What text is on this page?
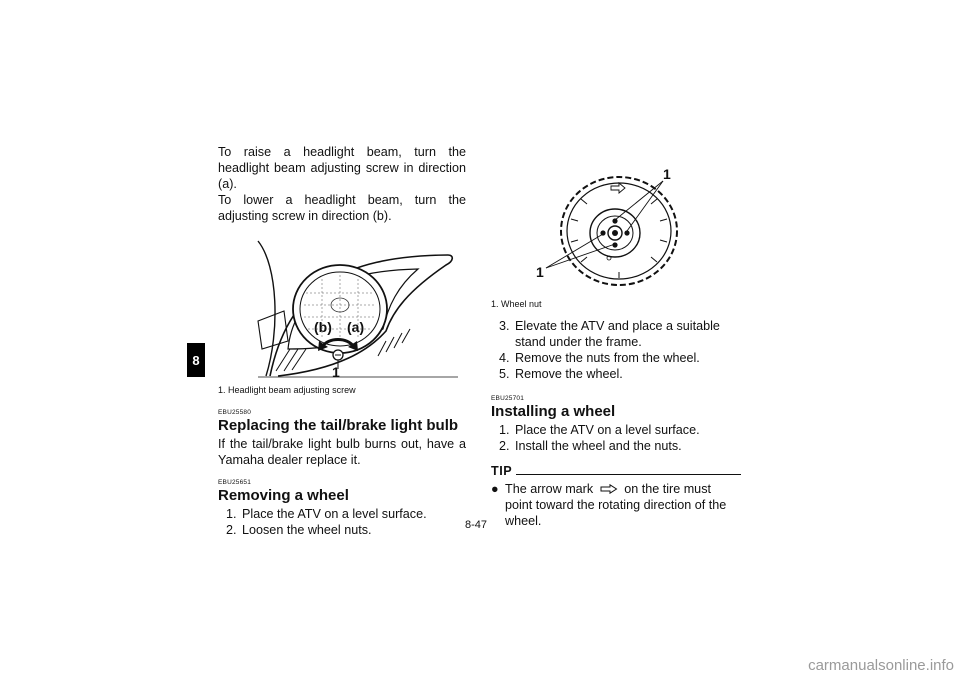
8

To raise a headlight beam, turn the headlight beam adjusting screw in direction (a).

To lower a headlight beam, turn the adjusting screw in direction (b).

(b) (a)
1

1. Headlight beam adjusting screw

EBU25580

Replacing the tail/brake light bulb

If the tail/brake light bulb burns out, have a Yamaha dealer replace it.

EBU25651

Removing a wheel

1. Place the ATV on a level surface.
2. Loosen the wheel nuts.
1
1

1. Wheel nut

3. Elevate the ATV and place a suitable stand under the frame.
4. Remove the nuts from the wheel.
5. Remove the wheel.

EBU25701

Installing a wheel

1. Place the ATV on a level surface.
2. Install the wheel and the nuts.
TIP
● The arrow mark on the tire must point toward the rotating direction of the wheel.
8-47
carmanualsonline.info
